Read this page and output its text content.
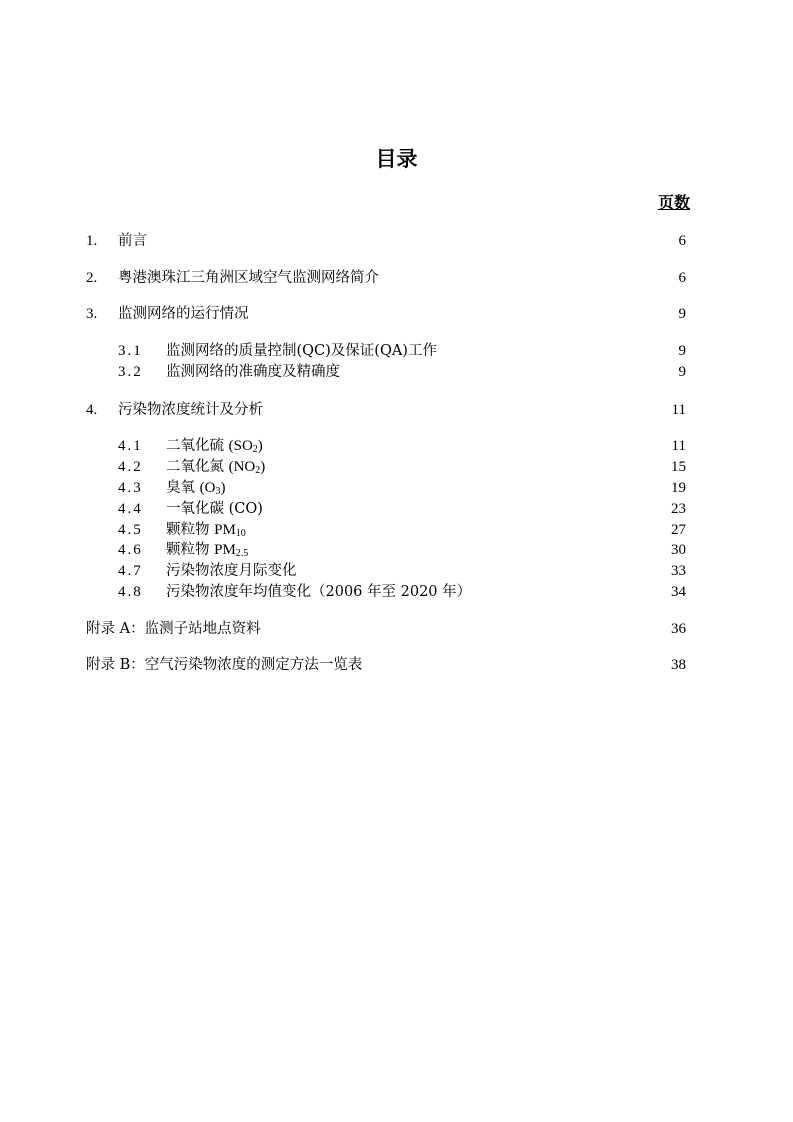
目录
页数
1. 前言	6
2. 粤港澳珠江三角洲区域空气监测网络简介	6
3. 监测网络的运行情况	9
3.1 监测网络的质量控制(QC)及保证(QA)工作	9
3.2 监测网络的准确度及精确度	9
4. 污染物浓度统计及分析	11
4.1 二氧化硫 $(SO_2)$	11
4.2 二氧化氮 $(NO_2)$	15
4.3 臭氧 $(O_3)$	19
4.4 一氧化碳 (CO)	23
4.5 颗粒物 $PM_{10}$	27
4.6 颗粒物 $PM_{2.5}$	30
4.7 污染物浓度月际变化	33
4.8 污染物浓度年均值变化（2006 年至 2020 年）	34
附录 A：监测子站地点资料	36
附录 B：空气污染物浓度的测定方法一览表	38
